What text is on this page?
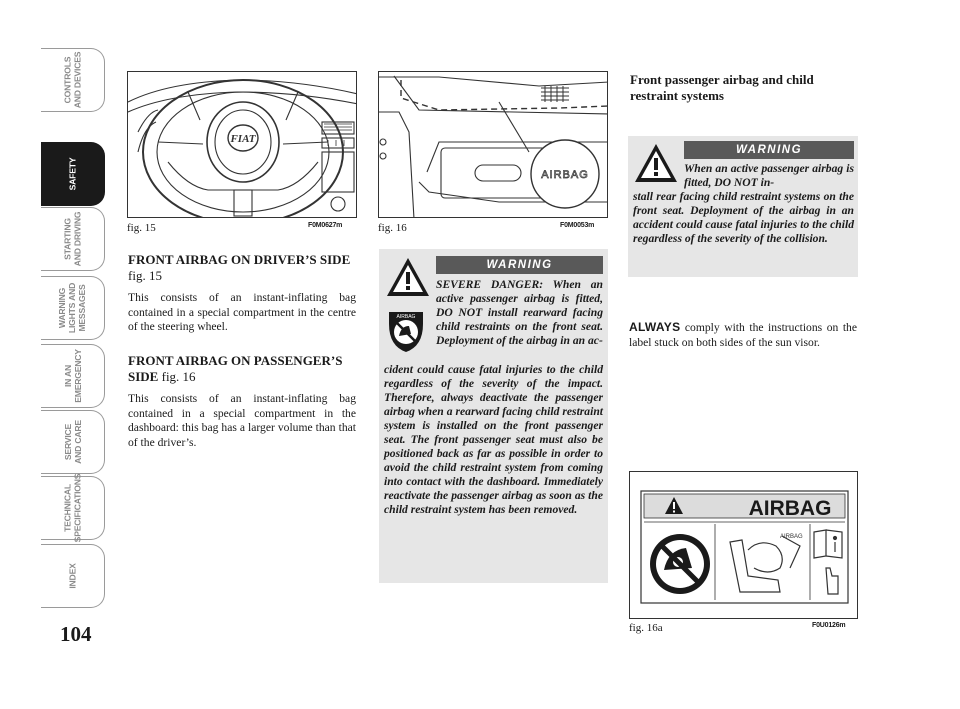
CONTROLS
AND DEVICES
SAFETY
STARTING
AND DRIVING
WARNING
LIGHTS AND
MESSAGES
IN AN
EMERGENCY
SERVICE
AND CARE
TECHNICAL
SPECIFICATIONS
INDEX
104
FIAT
fig. 15	F0M0627m
AIRBAG
fig. 16	F0M0053m
FRONT AIRBAG ON DRIVER’S SIDE fig. 15
This consists of an instant-inflating bag contained in a special compartment in the centre of the steering wheel.
FRONT AIRBAG ON PASSENGER’S SIDE fig. 16
This consists of an instant-inflating bag contained in a special compartment in the dashboard: this bag has a larger volume than that of the driver’s.
WARNING
AIRBAG
SEVERE DANGER: When an active passenger airbag is fitted, DO NOT install rearward facing child restraints on the front seat. Deployment of the airbag in an ac-
cident could cause fatal injuries to the child regardless of the severity of the impact. Therefore, always deactivate the passenger airbag when a rearward facing child restraint system is installed on the front passenger seat. The front passenger seat must also be positioned back as far as possible in order to avoid the child restraint system from coming into contact with the dashboard. Immediately reactivate the passenger airbag as soon as the child restraint system has been removed.
Front passenger airbag and child restraint systems
WARNING
When an active passenger airbag is fitted, DO NOT in-
stall rear facing child restraint systems on the front seat. Deployment of the airbag in an accident could cause fatal injuries to the child regardless of the severity of the collision.
ALWAYS comply with the instructions on the label stuck on both sides of the sun visor.
AIRBAG
AIRBAG
fig. 16a	F0U0126m
